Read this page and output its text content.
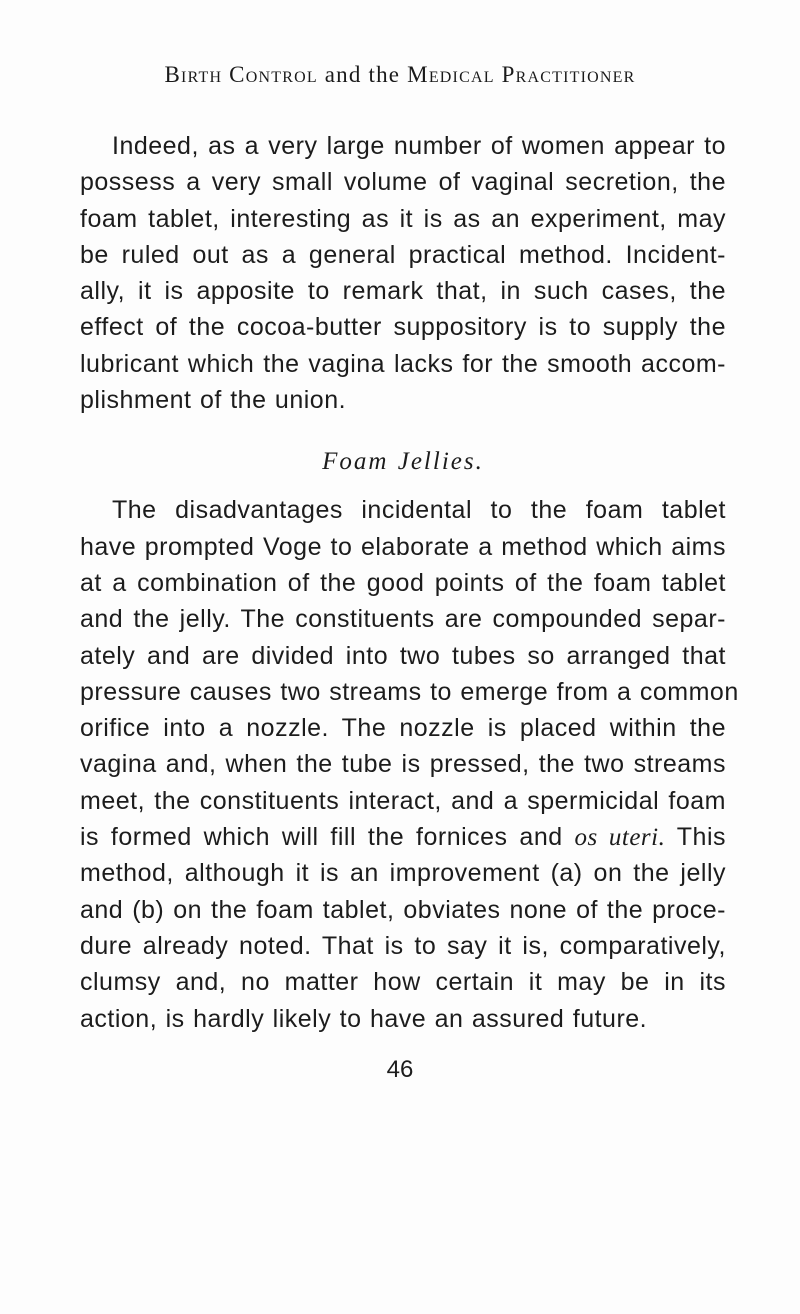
Birth Control and the Medical Practitioner
Indeed, as a very large number of women appear to
possess a very small volume of vaginal secretion, the
foam tablet, interesting as it is as an experiment, may
be ruled out as a general practical method. Incident-
ally, it is apposite to remark that, in such cases, the
effect of the cocoa-butter suppository is to supply the
lubricant which the vagina lacks for the smooth accom-
plishment of the union.
Foam Jellies.
The disadvantages incidental to the foam tablet
have prompted Voge to elaborate a method which aims
at a combination of the good points of the foam tablet
and the jelly. The constituents are compounded separ-
ately and are divided into two tubes so arranged that
pressure causes two streams to emerge from a common
orifice into a nozzle. The nozzle is placed within the
vagina and, when the tube is pressed, the two streams
meet, the constituents interact, and a spermicidal foam
is formed which will fill the fornices and os uteri. This
method, although it is an improvement (a) on the jelly
and (b) on the foam tablet, obviates none of the proce-
dure already noted. That is to say it is, comparatively,
clumsy and, no matter how certain it may be in its
action, is hardly likely to have an assured future.
46
